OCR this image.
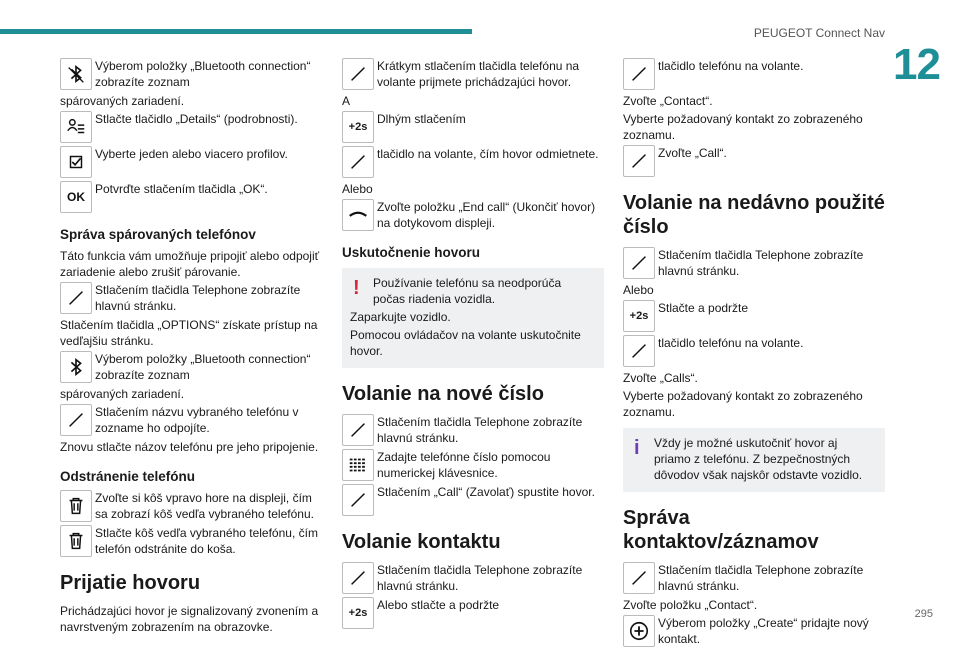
PEUGEOT Connect Nav
12
295
Výberom položky „Bluetooth connection“ zobrazíte zoznam

spárovaných zariadení.

Stlačte tlačidlo „Details“ (podrobnosti).
Vyberte jeden alebo viacero profilov.
OK
Potvrďte stlačením tlačidla „OK“.
Správa spárovaných telefónov

Táto funkcia vám umožňuje pripojiť alebo odpojiť zariadenie alebo zrušiť párovanie.

Stlačením tlačidla Telephone zobrazíte hlavnú stránku.

Stlačením tlačidla „OPTIONS“ získate prístup na vedľajšiu stránku.

Výberom položky „Bluetooth connection“ zobrazíte zoznam

spárovaných zariadení.

Stlačením názvu vybraného telefónu v zozname ho odpojíte.

Znovu stlačte názov telefónu pre jeho pripojenie.

Odstránenie telefónu
Zvoľte si kôš vpravo hore na displeji, čím sa zobrazí kôš vedľa vybraného telefónu.
Stlačte kôš vedľa vybraného telefónu, čím telefón odstránite do koša.
Prijatie hovoru

Prichádzajúci hovor je signalizovaný zvonením a navrstveným zobrazením na obrazovke.

Krátkym stlačením tlačidla telefónu na volante prijmete prichádzajúci hovor.

A

+2s
Dlhým stlačením
tlačidlo na volante, čím hovor odmietnete.

Alebo

Zvoľte položku „End call“ (Ukončiť hovor) na dotykovom displeji.
Uskutočnenie hovoru
!	Používanie telefónu sa neodporúča počas riadenia vozidla.

Zaparkujte vozidlo.

Pomocou ovládačov na volante uskutočnite hovor.

Volanie na nové číslo
Stlačením tlačidla Telephone zobrazíte hlavnú stránku.
Zadajte telefónne číslo pomocou numerickej klávesnice.
Stlačením „Call“ (Zavolať) spustite hovor.
Volanie kontaktu
Stlačením tlačidla Telephone zobrazíte hlavnú stránku.
+2s
Alebo stlačte a podržte
tlačidlo telefónu na volante.

Zvoľte „Contact“.

Vyberte požadovaný kontakt zo zobrazeného zoznamu.

Zvoľte „Call“.
Volanie na nedávno použité číslo
Stlačením tlačidla Telephone zobrazíte hlavnú stránku.

Alebo

+2s
Stlačte a podržte
tlačidlo telefónu na volante.

Zvoľte „Calls“.

Vyberte požadovaný kontakt zo zobrazeného zoznamu.

i	Vždy je možné uskutočniť hovor aj priamo z telefónu. Z bezpečnostných dôvodov však najskôr odstavte vozidlo.

Správa kontaktov/záznamov
Stlačením tlačidla Telephone zobrazíte hlavnú stránku.

Zvoľte položku „Contact“.

Výberom položky „Create“ pridajte nový kontakt.
